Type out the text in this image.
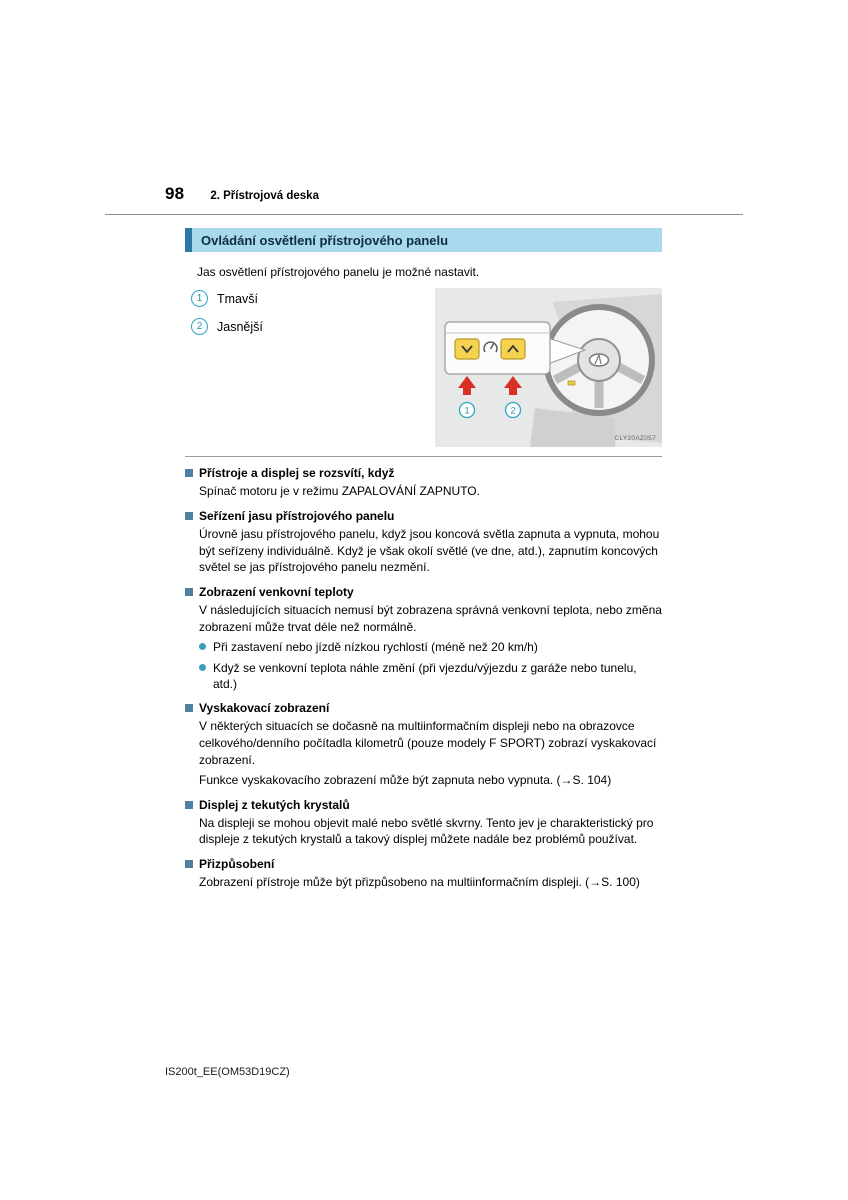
98 2. Přístrojová deska
Ovládání osvětlení přístrojového panelu

Jas osvětlení přístrojového panelu je možné nastavit.

1	Tmavší
2	Jasnější
1	2
CLY20AZ057
Přístroje a displej se rozsvítí, když

Spínač motoru je v režimu ZAPALOVÁNÍ ZAPNUTO.

Seřízení jasu přístrojového panelu

Úrovně jasu přístrojového panelu, když jsou koncová světla zapnuta a vypnuta, mohou být seřízeny individuálně. Když je však okolí světlé (ve dne, atd.), zapnutím koncových světel se jas přístrojového panelu nezmění.

Zobrazení venkovní teploty

V následujících situacích nemusí být zobrazena správná venkovní teplota, nebo změna zobrazení může trvat déle než normálně.

Při zastavení nebo jízdě nízkou rychlostí (méně než 20 km/h)
Když se venkovní teplota náhle změní (při vjezdu/výjezdu z garáže nebo tunelu, atd.)
Vyskakovací zobrazení

V některých situacích se dočasně na multiinformačním displeji nebo na obrazovce celkového/denního počítadla kilometrů (pouze modely F SPORT) zobrazí vyskakovací zobrazení.

Funkce vyskakovacího zobrazení může být zapnuta nebo vypnuta. (→S. 104)

Displej z tekutých krystalů

Na displeji se mohou objevit malé nebo světlé skvrny. Tento jev je charakteristický pro displeje z tekutých krystalů a takový displej můžete nadále bez problémů používat.

Přizpůsobení

Zobrazení přístroje může být přizpůsobeno na multiinformačním displeji. (→S. 100)

IS200t_EE(OM53D19CZ)
